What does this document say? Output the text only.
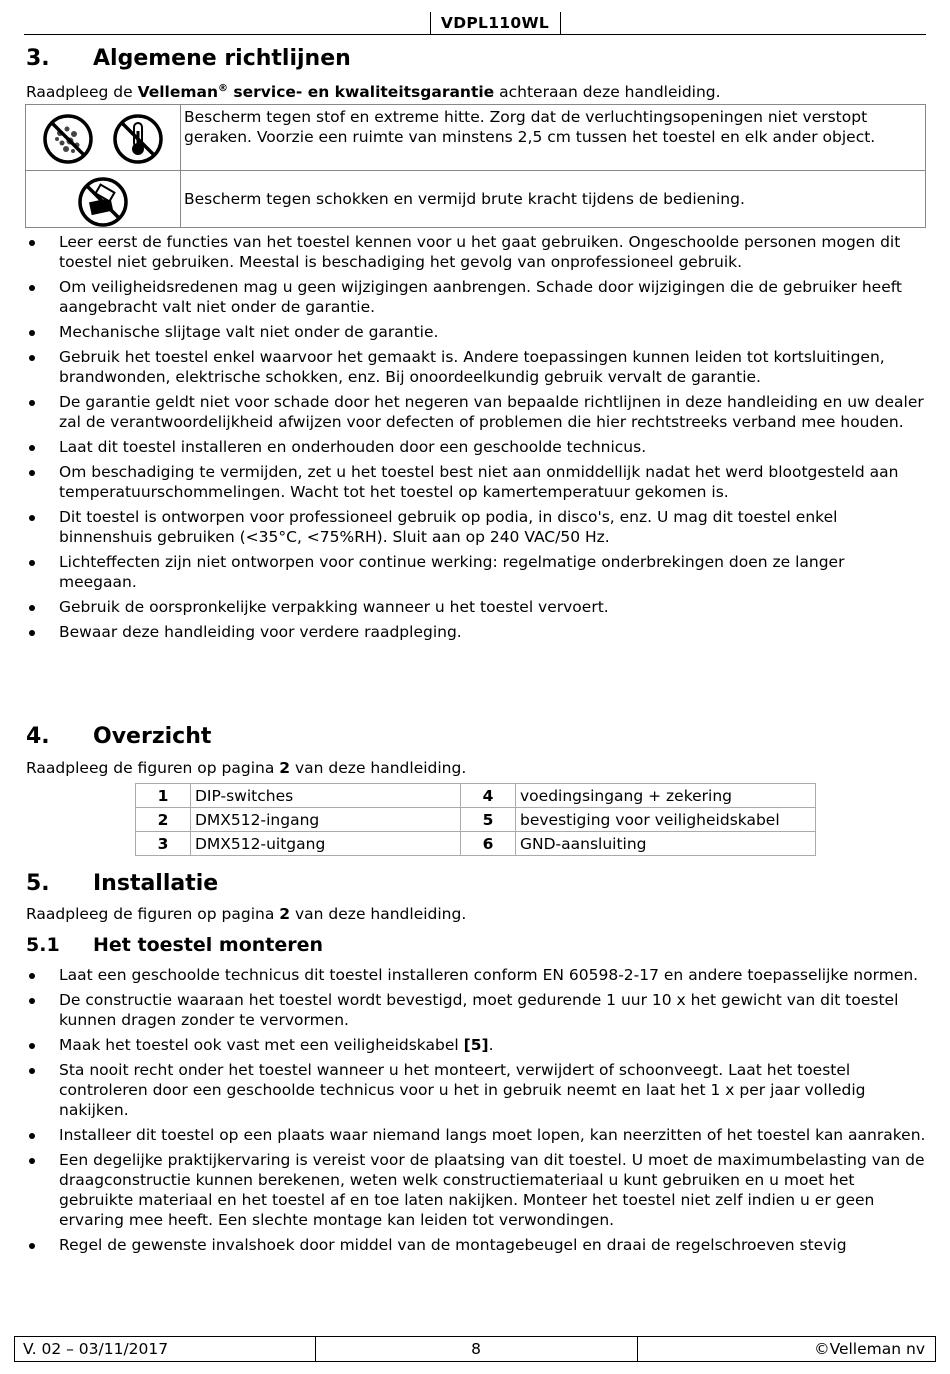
VDPL110WL
3. Algemene richtlijnen
Raadpleeg de Velleman® service- en kwaliteitsgarantie achteraan deze handleiding.
Bescherm tegen stof en extreme hitte. Zorg dat de verluchtingsopeningen niet verstopt geraken. Voorzie een ruimte van minstens 2,5 cm tussen het toestel en elk ander object.
Bescherm tegen schokken en vermijd brute kracht tijdens de bediening.
Leer eerst de functies van het toestel kennen voor u het gaat gebruiken. Ongeschoolde personen mogen dit toestel niet gebruiken. Meestal is beschadiging het gevolg van onprofessioneel gebruik.
Om veiligheidsredenen mag u geen wijzigingen aanbrengen. Schade door wijzigingen die de gebruiker heeft aangebracht valt niet onder de garantie.
Mechanische slijtage valt niet onder de garantie.
Gebruik het toestel enkel waarvoor het gemaakt is. Andere toepassingen kunnen leiden tot kortsluitingen, brandwonden, elektrische schokken, enz. Bij onoordeelkundig gebruik vervalt de garantie.
De garantie geldt niet voor schade door het negeren van bepaalde richtlijnen in deze handleiding en uw dealer zal de verantwoordelijkheid afwijzen voor defecten of problemen die hier rechtstreeks verband mee houden.
Laat dit toestel installeren en onderhouden door een geschoolde technicus.
Om beschadiging te vermijden, zet u het toestel best niet aan onmiddellijk nadat het werd blootgesteld aan temperatuurschommelingen. Wacht tot het toestel op kamertemperatuur gekomen is.
Dit toestel is ontworpen voor professioneel gebruik op podia, in disco's, enz. U mag dit toestel enkel binnenshuis gebruiken (<35°C, <75%RH). Sluit aan op 240 VAC/50 Hz.
Lichteffecten zijn niet ontworpen voor continue werking: regelmatige onderbrekingen doen ze langer meegaan.
Gebruik de oorspronkelijke verpakking wanneer u het toestel vervoert.
Bewaar deze handleiding voor verdere raadpleging.
4. Overzicht
Raadpleeg de figuren op pagina 2 van deze handleiding.
1	DIP-switches	4	voedingsingang + zekering
2	DMX512-ingang	5	bevestiging voor veiligheidskabel
3	DMX512-uitgang	6	GND-aansluiting
5. Installatie
Raadpleeg de figuren op pagina 2 van deze handleiding.
5.1 Het toestel monteren
Laat een geschoolde technicus dit toestel installeren conform EN 60598-2-17 en andere toepasselijke normen.
De constructie waaraan het toestel wordt bevestigd, moet gedurende 1 uur 10 x het gewicht van dit toestel kunnen dragen zonder te vervormen.
Maak het toestel ook vast met een veiligheidskabel [5].
Sta nooit recht onder het toestel wanneer u het monteert, verwijdert of schoonveegt. Laat het toestel controleren door een geschoolde technicus voor u het in gebruik neemt en laat het 1 x per jaar volledig nakijken.
Installeer dit toestel op een plaats waar niemand langs moet lopen, kan neerzitten of het toestel kan aanraken.
Een degelijke praktijkervaring is vereist voor de plaatsing van dit toestel. U moet de maximumbelasting van de draagconstructie kunnen berekenen, weten welk constructiemateriaal u kunt gebruiken en u moet het gebruikte materiaal en het toestel af en toe laten nakijken. Monteer het toestel niet zelf indien u er geen ervaring mee heeft. Een slechte montage kan leiden tot verwondingen.
Regel de gewenste invalshoek door middel van de montagebeugel en draai de regelschroeven stevig
V. 02 – 03/11/2017	8	©Velleman nv
